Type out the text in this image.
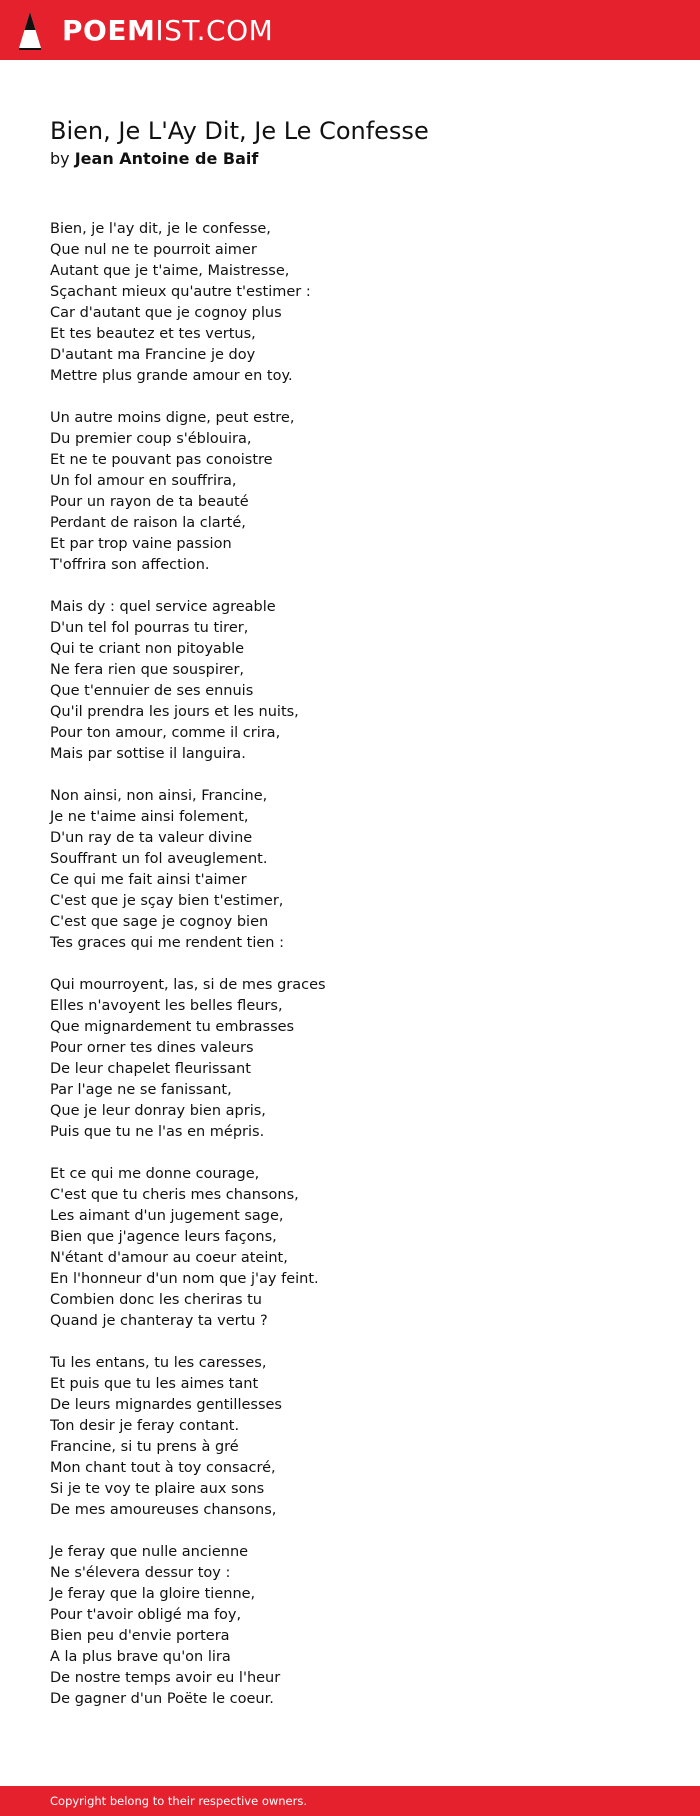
POEMIST.COM
Bien, Je L'Ay Dit, Je Le Confesse
by Jean Antoine de Baif
Bien, je l'ay dit, je le confesse,
Que nul ne te pourroit aimer
Autant que je t'aime, Maistresse,
Sçachant mieux qu'autre t'estimer :
Car d'autant que je cognoy plus
Et tes beautez et tes vertus,
D'autant ma Francine je doy
Mettre plus grande amour en toy.
Un autre moins digne, peut estre,
Du premier coup s'éblouira,
Et ne te pouvant pas conoistre
Un fol amour en souffrira,
Pour un rayon de ta beauté
Perdant de raison la clarté,
Et par trop vaine passion
T'offrira son affection.
Mais dy : quel service agreable
D'un tel fol pourras tu tirer,
Qui te criant non pitoyable
Ne fera rien que souspirer,
Que t'ennuier de ses ennuis
Qu'il prendra les jours et les nuits,
Pour ton amour, comme il crira,
Mais par sottise il languira.
Non ainsi, non ainsi, Francine,
Je ne t'aime ainsi folement,
D'un ray de ta valeur divine
Souffrant un fol aveuglement.
Ce qui me fait ainsi t'aimer
C'est que je sçay bien t'estimer,
C'est que sage je cognoy bien
Tes graces qui me rendent tien :
Qui mourroyent, las, si de mes graces
Elles n'avoyent les belles fleurs,
Que mignardement tu embrasses
Pour orner tes dines valeurs
De leur chapelet fleurissant
Par l'age ne se fanissant,
Que je leur donray bien apris,
Puis que tu ne l'as en mépris.
Et ce qui me donne courage,
C'est que tu cheris mes chansons,
Les aimant d'un jugement sage,
Bien que j'agence leurs façons,
N'étant d'amour au coeur ateint,
En l'honneur d'un nom que j'ay feint.
Combien donc les cheriras tu
Quand je chanteray ta vertu ?
Tu les entans, tu les caresses,
Et puis que tu les aimes tant
De leurs mignardes gentillesses
Ton desir je feray contant.
Francine, si tu prens à gré
Mon chant tout à toy consacré,
Si je te voy te plaire aux sons
De mes amoureuses chansons,
Je feray que nulle ancienne
Ne s'élevera dessur toy :
Je feray que la gloire tienne,
Pour t'avoir obligé ma foy,
Bien peu d'envie portera
A la plus brave qu'on lira
De nostre temps avoir eu l'heur
De gagner d'un Poëte le coeur.
Copyright belong to their respective owners.
